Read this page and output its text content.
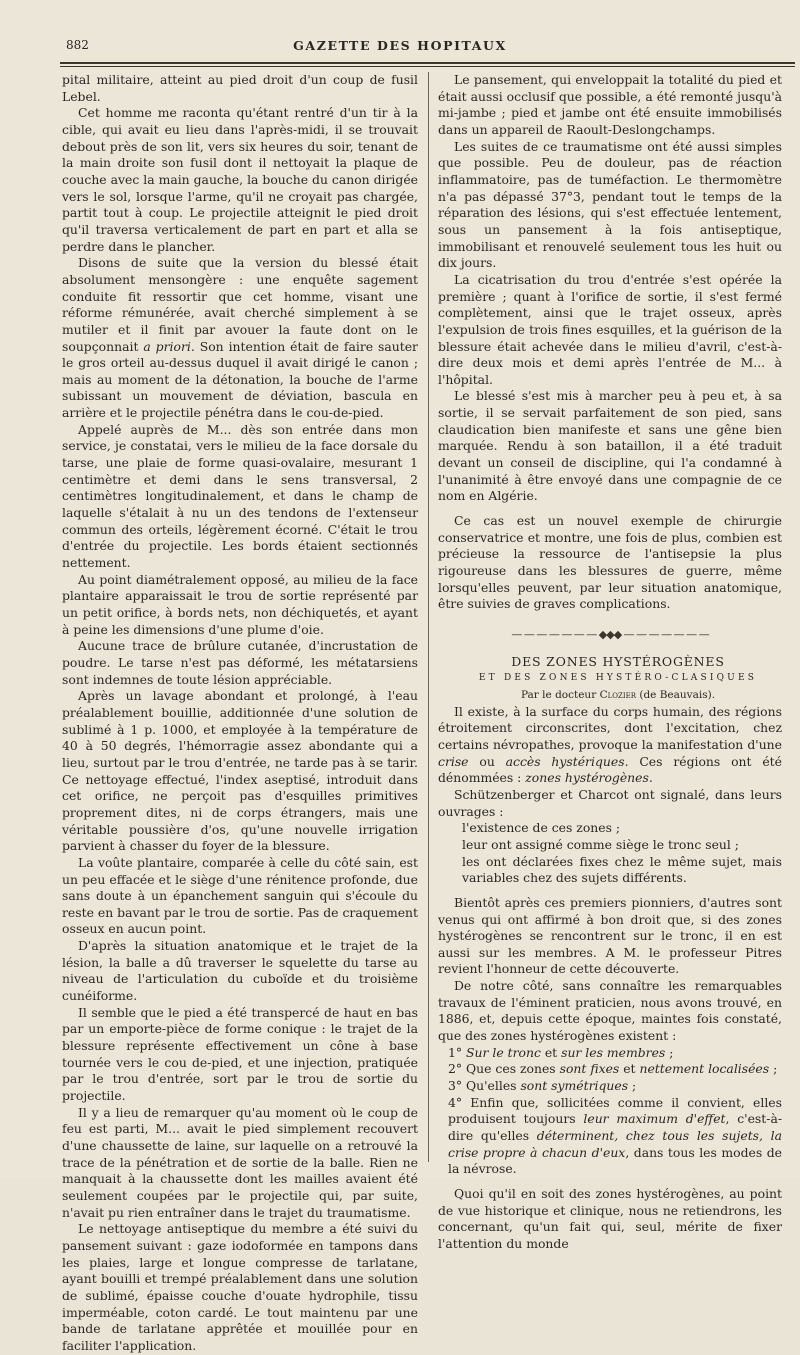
882	GAZETTE DES HOPITAUX

pital militaire, atteint au pied droit d'un coup de fusil Lebel.

Cet homme me raconta qu'étant rentré d'un tir à la cible, qui avait eu lieu dans l'après-midi, il se trouvait debout près de son lit, vers six heures du soir, tenant de la main droite son fusil dont il nettoyait la plaque de couche avec la main gauche, la bouche du canon dirigée vers le sol, lorsque l'arme, qu'il ne croyait pas chargée, partit tout à coup. Le projectile atteignit le pied droit qu'il traversa verticalement de part en part et alla se perdre dans le plancher.

Disons de suite que la version du blessé était absolument mensongère : une enquête sagement conduite fit ressortir que cet homme, visant une réforme rémunérée, avait cherché simplement à se mutiler et il finit par avouer la faute dont on le soupçonnait a priori. Son intention était de faire sauter le gros orteil au-dessus duquel il avait dirigé le canon ; mais au moment de la détonation, la bouche de l'arme subissant un mouvement de déviation, bascula en arrière et le projectile pénétra dans le cou-de-pied.

Appelé auprès de M... dès son entrée dans mon service, je constatai, vers le milieu de la face dorsale du tarse, une plaie de forme quasi-ovalaire, mesurant 1 centimètre et demi dans le sens transversal, 2 centimètres longitudinalement, et dans le champ de laquelle s'étalait à nu un des tendons de l'extenseur commun des orteils, légèrement écorné. C'était le trou d'entrée du projectile. Les bords étaient sectionnés nettement.

Au point diamétralement opposé, au milieu de la face plantaire apparaissait le trou de sortie représenté par un petit orifice, à bords nets, non déchiquetés, et ayant à peine les dimensions d'une plume d'oie.

Aucune trace de brûlure cutanée, d'incrustation de poudre. Le tarse n'est pas déformé, les métatarsiens sont indemnes de toute lésion appréciable.

Après un lavage abondant et prolongé, à l'eau préalablement bouillie, additionnée d'une solution de sublimé à 1 p. 1000, et employée à la température de 40 à 50 degrés, l'hémorragie assez abondante qui a lieu, surtout par le trou d'entrée, ne tarde pas à se tarir. Ce nettoyage effectué, l'index aseptisé, introduit dans cet orifice, ne perçoit pas d'esquilles primitives proprement dites, ni de corps étrangers, mais une véritable poussière d'os, qu'une nouvelle irrigation parvient à chasser du foyer de la blessure.

La voûte plantaire, comparée à celle du côté sain, est un peu effacée et le siège d'une rénitence profonde, due sans doute à un épanchement sanguin qui s'écoule du reste en bavant par le trou de sortie. Pas de craquement osseux en aucun point.

D'après la situation anatomique et le trajet de la lésion, la balle a dû traverser le squelette du tarse au niveau de l'articulation du cuboïde et du troisième cunéiforme.

Il semble que le pied a été transpercé de haut en bas par un emporte-pièce de forme conique : le trajet de la blessure représente effectivement un cône à base tournée vers le cou de-pied, et une injection, pratiquée par le trou d'entrée, sort par le trou de sortie du projectile.

Il y a lieu de remarquer qu'au moment où le coup de feu est parti, M... avait le pied simplement recouvert d'une chaussette de laine, sur laquelle on a retrouvé la trace de la pénétration et de sortie de la balle. Rien ne manquait à la chaussette dont les mailles avaient été seulement coupées par le projectile qui, par suite, n'avait pu rien entraîner dans le trajet du traumatisme.

Le nettoyage antiseptique du membre a été suivi du pansement suivant : gaze iodoformée en tampons dans les plaies, large et longue compresse de tarlatane, ayant bouilli et trempé préalablement dans une solution de sublimé, épaisse couche d'ouate hydrophile, tissu imperméable, coton cardé. Le tout maintenu par une bande de tarlatane apprêtée et mouillée pour en faciliter l'application.

Le pansement, qui enveloppait la totalité du pied et était aussi occlusif que possible, a été remonté jusqu'à mi-jambe ; pied et jambe ont été ensuite immobilisés dans un appareil de Raoult-Deslongchamps.

Les suites de ce traumatisme ont été aussi simples que possible. Peu de douleur, pas de réaction inflammatoire, pas de tuméfaction. Le thermomètre n'a pas dépassé 37°3, pendant tout le temps de la réparation des lésions, qui s'est effectuée lentement, sous un pansement à la fois antiseptique, immobilisant et renouvelé seulement tous les huit ou dix jours.

La cicatrisation du trou d'entrée s'est opérée la première ; quant à l'orifice de sortie, il s'est fermé complètement, ainsi que le trajet osseux, après l'expulsion de trois fines esquilles, et la guérison de la blessure était achevée dans le milieu d'avril, c'est-à-dire deux mois et demi après l'entrée de M... à l'hôpital.

Le blessé s'est mis à marcher peu à peu et, à sa sortie, il se servait parfaitement de son pied, sans claudication bien manifeste et sans une gêne bien marquée. Rendu à son bataillon, il a été traduit devant un conseil de discipline, qui l'a condamné à l'unanimité à être envoyé dans une compagnie de ce nom en Algérie.

Ce cas est un nouvel exemple de chirurgie conservatrice et montre, une fois de plus, combien est précieuse la ressource de l'antisepsie la plus rigoureuse dans les blessures de guerre, même lorsqu'elles peuvent, par leur situation anatomique, être suivies de graves complications.

— — — — — — — ◆◆◆ — — — — — — —

DES ZONES HYSTÉROGÈNES

ET DES ZONES HYSTÉRO-CLASIQUES

Par le docteur Clozier (de Beauvais).

Il existe, à la surface du corps humain, des régions étroitement circonscrites, dont l'excitation, chez certains névropathes, provoque la manifestation d'une crise ou accès hystériques. Ces régions ont été dénommées : zones hystérogènes.

Schützenberger et Charcot ont signalé, dans leurs ouvrages :

l'existence de ces zones ;

leur ont assigné comme siège le tronc seul ;

les ont déclarées fixes chez le même sujet, mais variables chez des sujets différents.

Bientôt après ces premiers pionniers, d'autres sont venus qui ont affirmé à bon droit que, si des zones hystérogènes se rencontrent sur le tronc, il en est aussi sur les membres. A M. le professeur Pitres revient l'honneur de cette découverte.

De notre côté, sans connaître les remarquables travaux de l'éminent praticien, nous avons trouvé, en 1886, et, depuis cette époque, maintes fois constaté, que des zones hystérogènes existent :

1° Sur le tronc et sur les membres ;

2° Que ces zones sont fixes et nettement localisées ;

3° Qu'elles sont symétriques ;

4° Enfin que, sollicitées comme il convient, elles produisent toujours leur maximum d'effet, c'est-à-dire qu'elles déterminent, chez tous les sujets, la crise propre à chacun d'eux, dans tous les modes de la névrose.

Quoi qu'il en soit des zones hystérogènes, au point de vue historique et clinique, nous ne retiendrons, les concernant, qu'un fait qui, seul, mérite de fixer l'attention du monde
